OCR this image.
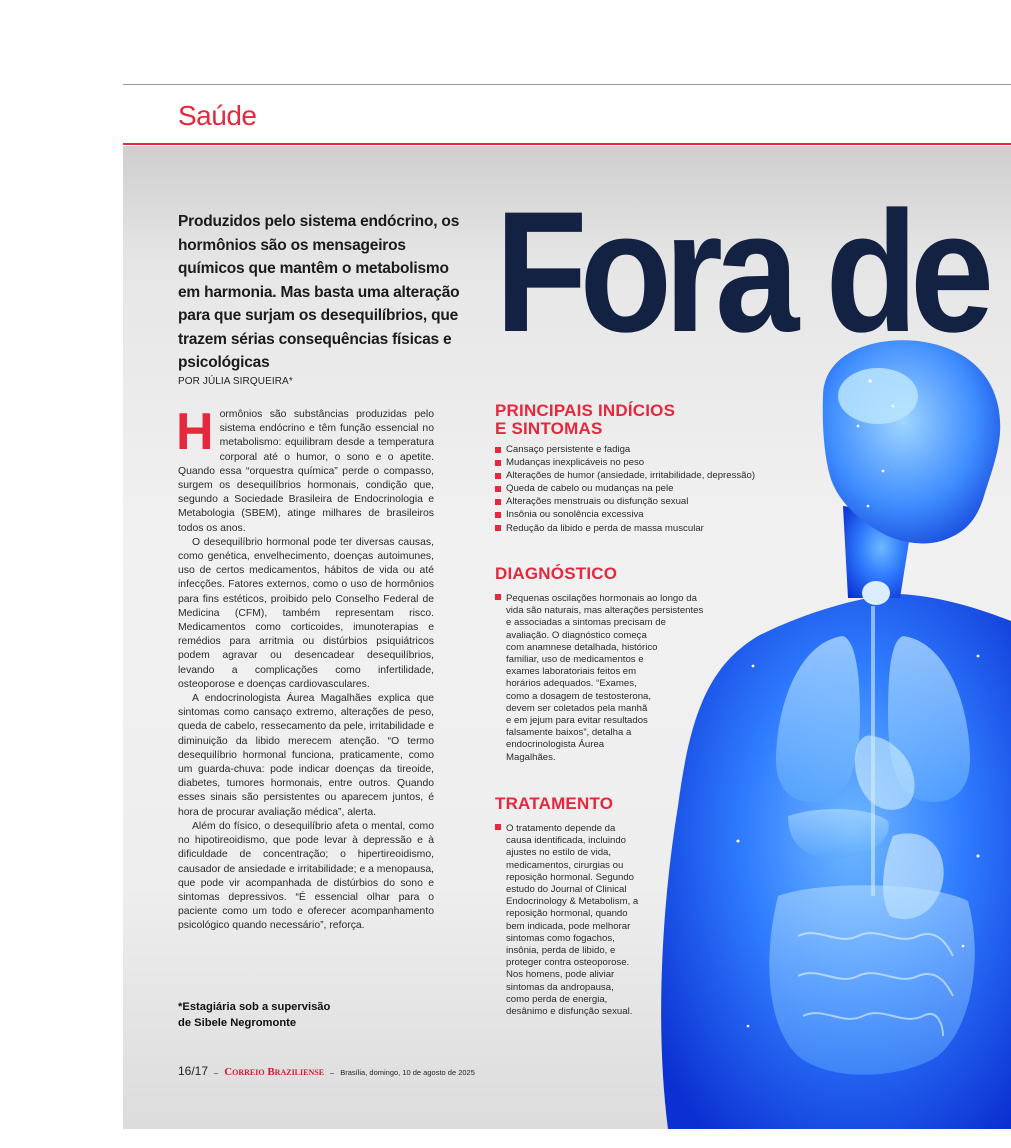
Saúde
Fora de
Produzidos pelo sistema endócrino, os hormônios são os mensageiros químicos que mantêm o metabolismo em harmonia. Mas basta uma alteração para que surjam os desequilíbrios, que trazem sérias consequências físicas e psicológicas
POR JÚLIA SIRQUEIRA*

Hormônios são substâncias produzidas pelo sistema endócrino e têm função essencial no metabolismo: equilibram desde a temperatura corporal até o humor, o sono e o apetite. Quando essa “orquestra química” perde o compasso, surgem os desequilíbrios hormonais, condição que, segundo a Sociedade Brasileira de Endocrinologia e Metabologia (SBEM), atinge milhares de brasileiros todos os anos.

O desequilíbrio hormonal pode ter diversas causas, como genética, envelhecimento, doenças autoimunes, uso de certos medicamentos, hábitos de vida ou até infecções. Fatores externos, como o uso de hormônios para fins estéticos, proibido pelo Conselho Federal de Medicina (CFM), também representam risco. Medicamentos como corticoides, imunoterapias e remédios para arritmia ou distúrbios psiquiátricos podem agravar ou desencadear desequilíbrios, levando a complicações como infertilidade, osteoporose e doenças cardiovasculares.

A endocrinologista Áurea Magalhães explica que sintomas como cansaço extremo, alterações de peso, queda de cabelo, ressecamento da pele, irritabilidade e diminuição da libido merecem atenção. “O termo desequilíbrio hormonal funciona, praticamente, como um guarda-chuva: pode indicar doenças da tireoide, diabetes, tumores hormonais, entre outros. Quando esses sinais são persistentes ou aparecem juntos, é hora de procurar avaliação médica”, alerta.

Além do físico, o desequilíbrio afeta o mental, como no hipotireoidismo, que pode levar à depressão e à dificuldade de concentração; o hipertireoidismo, causador de ansiedade e irritabilidade; e a menopausa, que pode vir acompanhada de distúrbios do sono e sintomas depressivos. “É essencial olhar para o paciente como um todo e oferecer acompanhamento psicológico quando necessário”, reforça.

*Estagiária sob a supervisão
de Sibele Negromonte
16/17 – Correio Braziliense – Brasília, domingo, 10 de agosto de 2025
PRINCIPAIS INDÍCIOS
E SINTOMAS
Cansaço persistente e fadiga
Mudanças inexplicáveis no peso
Alterações de humor (ansiedade, irritabilidade, depressão)
Queda de cabelo ou mudanças na pele
Alterações menstruais ou disfunção sexual
Insônia ou sonolência excessiva
Redução da libido e perda de massa muscular
DIAGNÓSTICO
Pequenas oscilações hormonais ao longo da
vida são naturais, mas alterações persistentes
e associadas a sintomas precisam de
avaliação. O diagnóstico começa
com anamnese detalhada, histórico
familiar, uso de medicamentos e
exames laboratoriais feitos em
horários adequados. “Exames,
como a dosagem de testosterona,
devem ser coletados pela manhã
e em jejum para evitar resultados
falsamente baixos”, detalha a
endocrinologista Áurea
Magalhães.
TRATAMENTO
O tratamento depende da
causa identificada, incluindo
ajustes no estilo de vida,
medicamentos, cirurgias ou
reposição hormonal. Segundo
estudo do Journal of Clinical
Endocrinology & Metabolism, a
reposição hormonal, quando
bem indicada, pode melhorar
sintomas como fogachos,
insônia, perda de libido, e
proteger contra osteoporose.
Nos homens, pode aliviar
sintomas da andropausa,
como perda de energia,
desânimo e disfunção sexual.
